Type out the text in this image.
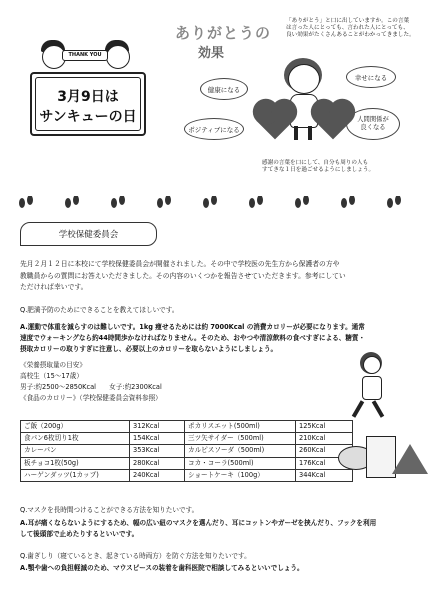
THANK YOU
3月9日は
サンキューの日
ありがとうの
効果
「ありがとう」と口に出していますか。この言葉
は言った人にとっても、言われた人にとっても、
良い効果がたくさんあることがわかってきました。
健康になる
幸せになる
ポジティブになる
人間関係が
良くなる
感謝の言葉を口にして、自分も周りの人も
すてきな１日を過ごせるようにしましょう。
学校保健委員会
先月２月１２日に本校にて学校保健委員会が開催されました。その中で学校医の先生方から保護者の方や
教職員からの質問にお答えいただきました。その内容のいくつかを報告させていただきます。参考にしてい
ただければ幸いです。
Q.肥満予防のためにできることを教えてほしいです。
A.運動で体重を減らすのは難しいです。1kg 痩せるためには約 7000Kcal の消費カロリーが必要になります。通常
速度でウォーキングなら約44時間歩かなければなりません。そのため、おやつや清涼飲料の食べすぎによる、糖質・
摂取カロリーの取りすぎに注意し、必要以上のカロリーを取らないようにしましょう。
《栄養摂取量の目安》
高校生（15～17歳）
男子:約2500～2850Kcal　　女子:約2300Kcal
《食品のカロリー》（学校保健委員会資料参照）
ご飯（200g）	312Kcal	ポカリスエット(500ml)	125Kcal
食パン6枚切り1枚	154Kcal	三ツ矢サイダー（500ml)	210Kcal
カレーパン	353Kcal	カルピスソーダ（500ml)	260Kcal
板チョコ1枚(50g)	280Kcal	コカ・コーラ(500ml)	176Kcal
ハーゲンダッツ(1カップ)	240Kcal	ショートケーキ（100g）	344Kcal
Q.マスクを長時間つけることができる方法を知りたいです。
A.耳が痛くならないようにするため、幅の広い紐のマスクを選んだり、耳にコットンやガーゼを挟んだり、フックを利用
して後頭部で止めたりするといいです。
Q.歯ぎしり（寝ているとき、起きている時両方）を防ぐ方法を知りたいです。
A.顎や歯への負担軽減のため、マウスピースの装着を歯科医院で相談してみるといいでしょう。
